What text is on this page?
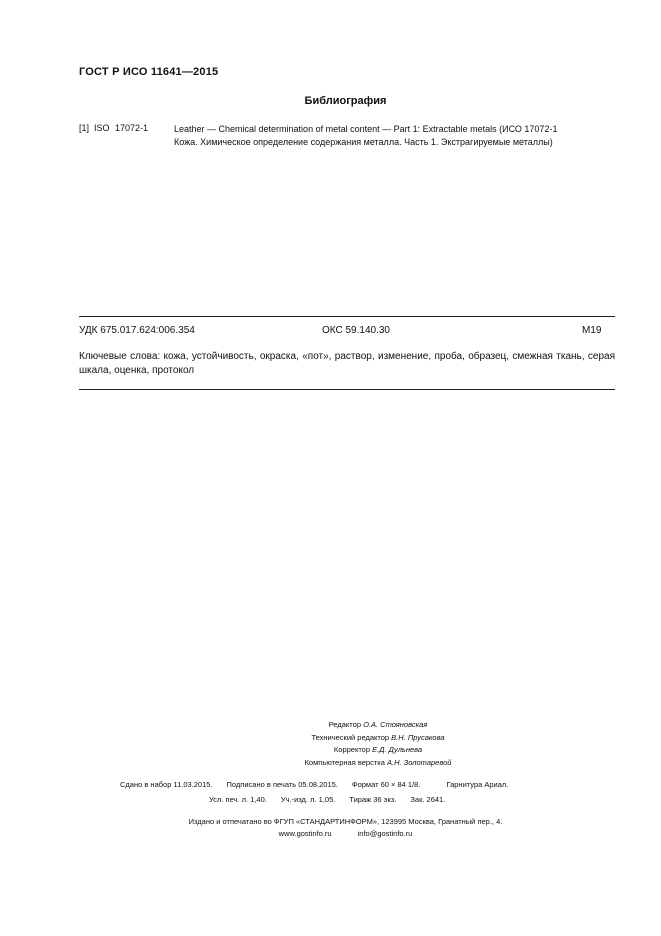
ГОСТ Р ИСО 11641—2015
Библиография
[1] ISO 17072-1	Leather — Chemical determination of metal content — Part 1: Extractable metals (ИСО 17072-1
Кожа. Химическое определение содержания металла. Часть 1. Экстрагируемые металлы)
УДК 675.017.624:006.354	ОКС 59.140.30	М19
Ключевые слова: кожа, устойчивость, окраска, «пот», раствор, изменение, проба, образец, смежная ткань, серая шкала, оценка, протокол
Редактор О.А. Стояновская
Технический редактор В.Н. Прусакова
Корректор Е.Д. Дульнева
Компьютерная верстка А.Н. Золотаревой
Сдано в набор 11.03.2015. Подписано в печать 05.08.2015. Формат 60 × 84 1/8.	Гарнитура Ариал.
Усл. печ. л. 1,40. Уч.-изд. л. 1,05. Тираж 36 экз. Зак. 2641.
Издано и отпечатано во ФГУП «СТАНДАРТИНФОРМ», 123995 Москва, Гранатный пер., 4.
www.gostinfo.ru	info@gostinfo.ru
